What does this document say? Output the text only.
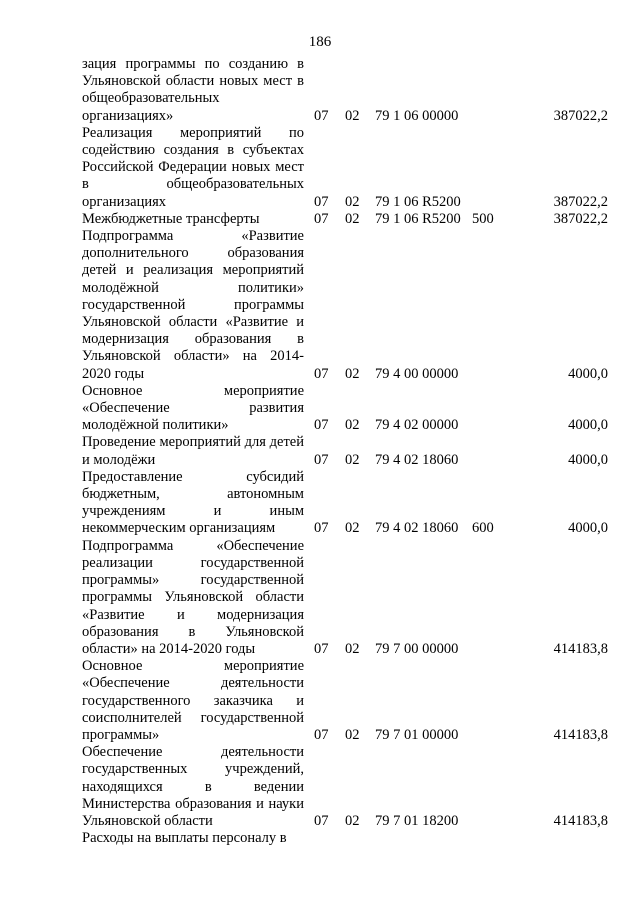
186
зация программы по созданию в Ульяновской области новых мест в общеобразовательных организациях»	07 02 79 1 06 00000	387022,2
Реализация мероприятий по содействию создания в субъектах Российской Федерации новых мест в общеобразовательных организациях	07 02 79 1 06 R5200	387022,2
Межбюджетные трансферты	07 02 79 1 06 R5200 500	387022,2
Подпрограмма «Развитие дополнительного образования детей и реализация мероприятий молодёжной политики» государственной программы Ульяновской области «Развитие и модернизация образования в Ульяновской области» на 2014-2020 годы	07 02 79 4 00 00000	4000,0
Основное мероприятие «Обеспечение развития молодёжной политики»	07 02 79 4 02 00000	4000,0
Проведение мероприятий для детей и молодёжи	07 02 79 4 02 18060	4000,0
Предоставление субсидий бюджетным, автономным учреждениям и иным некоммерческим организациям	07 02 79 4 02 18060 600	4000,0
Подпрограмма «Обеспечение реализации государственной программы» государственной программы Ульяновской области «Развитие и модернизация образования в Ульяновской области» на 2014-2020 годы	07 02 79 7 00 00000	414183,8
Основное мероприятие «Обеспечение деятельности государственного заказчика и соисполнителей государственной программы»	07 02 79 7 01 00000	414183,8
Обеспечение деятельности государственных учреждений, находящихся в ведении Министерства образования и науки Ульяновской области	07 02 79 7 01 18200	414183,8
Расходы на выплаты персоналу в
